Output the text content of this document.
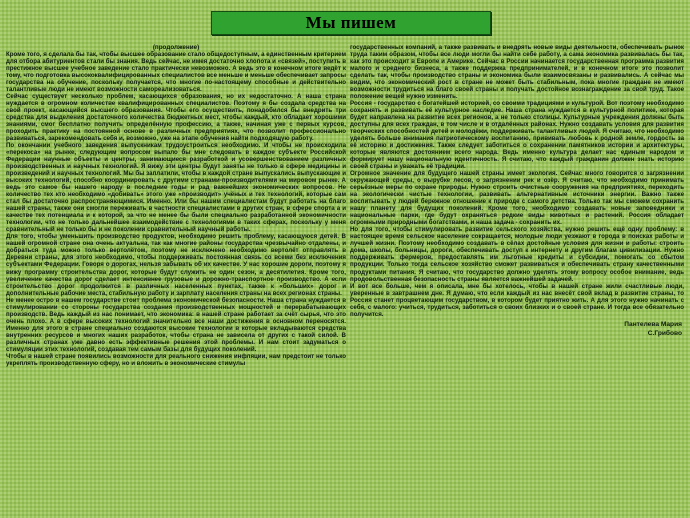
Мы пишем
(продолжение)

Кроме того, я сделала бы так, чтобы высшее образование стало общедоступным, а единственным критерием для отбора абитуриентов стали бы знания. Ведь сейчас, не имея достаточно хлопота и «связей», поступить в престижное высшее учебное заведение стало практически невозможно. А ведь это в конечном итоге ведёт к тому, что подготовка высококвалифицированных специалистов все меньше и меньше обеспечивает запросы государства на обучение, поскольку получается, что многие по-настоящему способные и действительно талантливые люди не имеют возможности самореализоваться.

Сейчас существует несколько проблем, касающихся образования, но их недостаточно. А наша страна нуждается в огромном количестве квалифицированных специалистов. Поэтому я бы создала средства на свой проект, касающийся высшего образования. Чтобы его осуществить, понадобился бы внедрить три средства для выделения достаточного количества бюджетных мест, чтобы каждый, кто обладает хорошими знаниями, смог бесплатно получить определённую профессию, а также, начиная уже с первых курсов, проходить практику на постоянной основе в различных предприятиях, что позволит профессионально развиваться, зарекомендовать себя и, возможно, уже на этапе обучения найти подходящую работу.

По окончании учебного заведения выпускникам трудоустроиться необходимо. И чтобы не происходила «перекоса» на рынке, следующим вопросом выпало бы мне следовать в каждое субъекте Российской Федерации научные объекты и центры, занимающиеся разработкой и усовершенствованием различных производственных и научных технологий. Я вижу эти центры будут заняты не только в сфере медицины и произведений и научных технологий. Мы бы заплатили, чтобы в каждой стране выпускались выпускающие и высоких технологий, способно координировать с другими странами-производителями на мировом рынке. А ведь это самое бы нашего народу в последние годы и рад важнейших экономических вопросов. Не количество тех кто необходимо «добивать» этого уже «производит» учёных и тех технологий, которые сам стал бы достаточно распространяющимися. Именно. Или бы нашим специалистам будут работать на благо нашей страны, также они смогли переживать в частности специалистами в других стран, в сфере спорта а и качестве тех потенциала и к которой, за что не менее бы были специально разработанной экономичности технологии, что не только дальнейшее взаимодействие с технологиями в таких сферах, поскольку у меня сравнительный не только бы и не поколении сравнительный научный работы.

Для того, чтобы уменьшить производство продуктов, необходимо решить проблему, касающуюся детей. В нашей огромной стране она очень актуальна, так как многие районы государства чрезвычайно отдалены, и добраться туда можно только вертолётом, поэтому не исключено необходимо вертолёт отправлять в Деревни страны, для этого необходимо, чтобы поддерживать постоянная связь со всеми без исключения субъектами Федерации. Говоря о дорогах, нельзя забывать об их качестве. У нас хорошие дороги, поэтому я вижу программу строительства дорог, которые будут служить не один сезон, а десятилетия. Кроме того, увеличение качества дорог сделает интенсивнее грузовые и дорожно-транспортное производство. А если строительство дорог продолжится в различных населенных пунктах, также к «больших» дорог и дополнительные рабочие места, стабильную работу и зарплату населения страны на всех регионах страны.

Не менее остро в нашем государстве стоит проблема экономической безопасности. Наша страна нуждается в стимулировании со стороны государства создания производственных мощностей и перерабатывающих производств. Ведь каждый из нас понимает, что экономика: в нашей стране работает за счёт сырья, что это очень плохо. А в сфере высоких технологий значительно все наши достижения в основном переносятся. Именно для этого в стране специально создаются высокие технологии в которые вкладываются средства внутренних ресурсов и многих наших разработок, чтобы страна не зависела от других с такой силой. В различных странах уже давно есть эффективные решения этой проблемы. И нам стоит задуматься о стимуляции этих технологий, создавая тем самым базы для будущих поколений.

Чтобы в нашей стране появились возможности для реального снижения инфляции, нам предстоит не только укреплять производственную сферу, но и вложить в экономические стимулы

государственных компаний, а также развивать и внедрять новые виды деятельности, обеспечивать рынок труда таким образом, чтобы все люди могли бы найти себе работу, а сама экономика развивалась бы так, как это происходит в Европе и Америке. Сейчас в России начинается государственная программа развития малого и среднего бизнеса, а также поддержка предпринимателей, и в конечном итоге это позволит сделать так, чтобы производство страны и экономика были взаимосвязаны и развивались. А сейчас мы видим, что экономический рост в стране не может быть стабильным, пока многие граждане не имеют возможности трудиться на благо своей страны и получать достойное вознаграждение за свой труд. Такое положение вещей нужно изменить.

Россия - государство с богатейшей историей, со своими традициями и культурой. Вот поэтому необходимо сохранять и развивать её культурное наследие. Наша страна нуждается в культурной политике, которая будет направлена на развитие всех регионов, а не только столицы. Культурные учреждения должны быть доступны для всех граждан, в том числе и в отдалённых районах. Нужно создавать условия для развития творческих способностей детей и молодёжи, поддерживать талантливых людей. Я считаю, что необходимо уделять больше внимания патриотическому воспитанию, прививать любовь к родной земле, гордость за её историю и достижения. Также следует заботиться о сохранении памятников истории и архитектуры, которые являются достоянием всего народа. Ведь именно культура делает нас единым народом и формирует нашу национальную идентичность. Я считаю, что каждый гражданин должен знать историю своей страны и уважать её традиции.

Огромное значение для будущего нашей страны имеет экология. Сейчас много говорится о загрязнении окружающей среды, о вырубке лесов, о загрязнении рек и озёр. Я считаю, что необходимо принимать серьёзные меры по охране природы. Нужно строить очистные сооружения на предприятиях, переходить на экологически чистые технологии, развивать альтернативные источники энергии. Важно также воспитывать у людей бережное отношение к природе с самого детства. Только так мы сможем сохранить нашу планету для будущих поколений. Кроме того, необходимо создавать новые заповедники и национальные парки, где будут охраняться редкие виды животных и растений. Россия обладает огромными природными богатствами, и наша задача - сохранить их.

Но для того, чтобы стимулировать развитие сельского хозяйства, нужно решить ещё одну проблему: в настоящее время сельское население сокращается, молодые люди уезжают в города в поисках работы и лучшей жизни. Поэтому необходимо создавать в сёлах достойные условия для жизни и работы: строить дома, школы, больницы, дороги, обеспечивать доступ к интернету и другим благам цивилизации. Нужно поддерживать фермеров, предоставлять им льготные кредиты и субсидии, помогать со сбытом продукции. Только тогда сельское хозяйство сможет развиваться и обеспечивать страну качественными продуктами питания. Я считаю, что государство должно уделять этому вопросу особое внимание, ведь продовольственная безопасность страны является важнейшей задачей.

И вот все больше, чем я описала, мне бы хотелось, чтобы в нашей стране жили счастливые люди, уверенные в завтрашнем дне. Я думаю, что если каждый из нас внесёт свой вклад в развитие страны, то Россия станет процветающим государством, в котором будет приятно жить. А для этого нужно начинать с себя, с малого: учиться, трудиться, заботиться о своих близких и о своей стране. И тогда все обязательно получится.

Пантелева Мария
С.Грибово
